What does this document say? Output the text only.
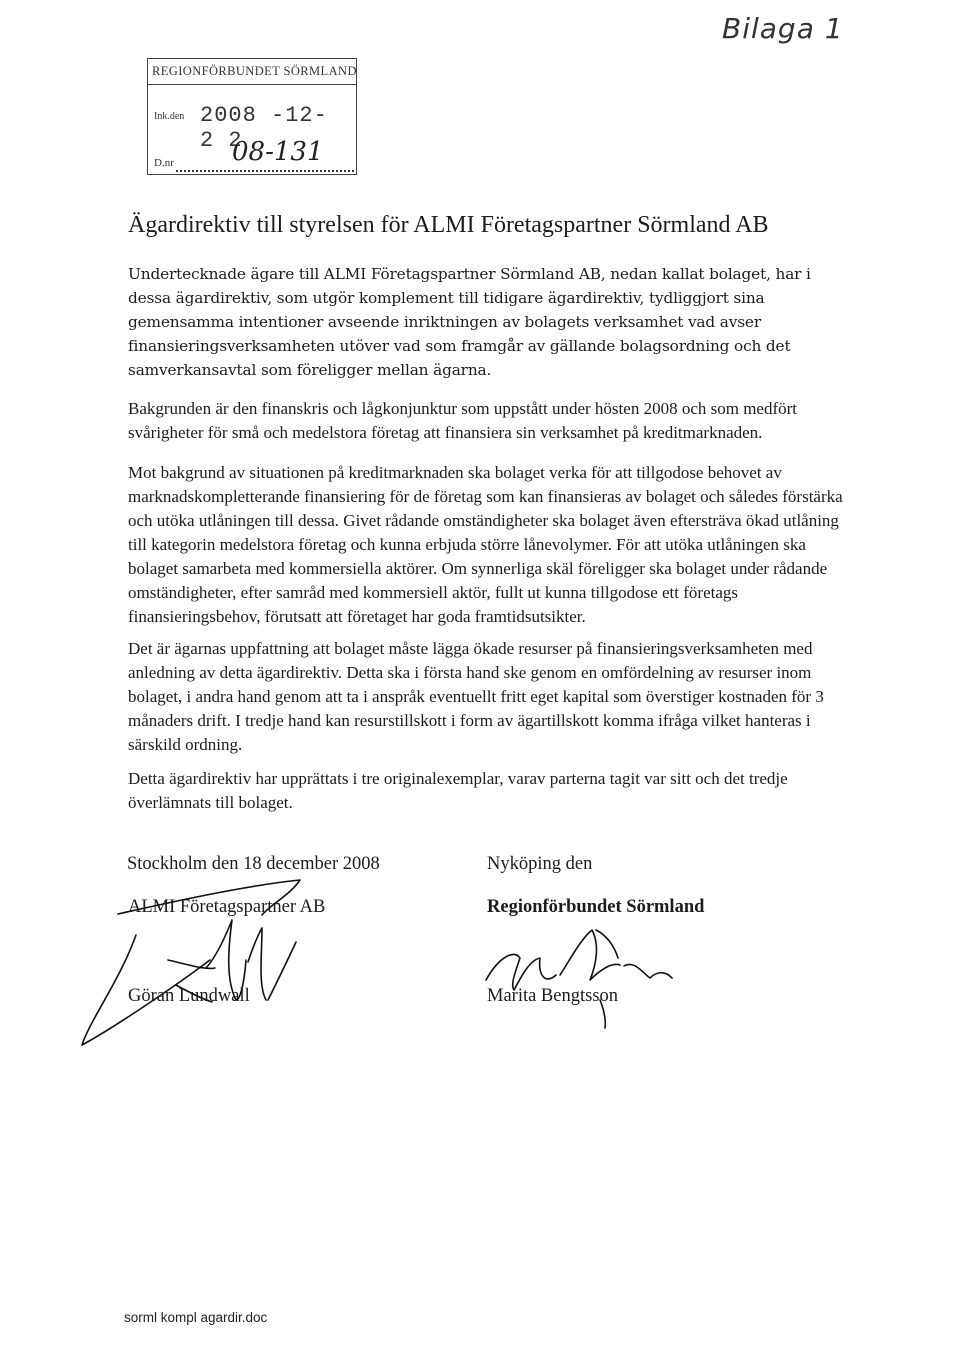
REGIONFÖRBUNDET SÖRMLAND
Ink.den 2008 -12- 2 2
08-131
D.nr
Bilaga 1
Ägardirektiv till styrelsen för ALMI Företagspartner Sörmland AB

Undertecknade ägare till ALMI Företagspartner Sörmland AB, nedan kallat bolaget, har i dessa ägardirektiv, som utgör komplement till tidigare ägardirektiv, tydliggjort sina gemensamma intentioner avseende inriktningen av bolagets verksamhet vad avser finansieringsverksamheten utöver vad som framgår av gällande bolagsordning och det samverkansavtal som föreligger mellan ägarna.

Bakgrunden är den finanskris och lågkonjunktur som uppstått under hösten 2008 och som medfört svårigheter för små och medelstora företag att finansiera sin verksamhet på kreditmarknaden.

Mot bakgrund av situationen på kreditmarknaden ska bolaget verka för att tillgodose behovet av marknadskompletterande finansiering för de företag som kan finansieras av bolaget och således förstärka och utöka utlåningen till dessa. Givet rådande omständigheter ska bolaget även eftersträva ökad utlåning till kategorin medelstora företag och kunna erbjuda större lånevolymer. För att utöka utlåningen ska bolaget samarbeta med kommersiella aktörer. Om synnerliga skäl föreligger ska bolaget under rådande omständigheter, efter samråd med kommersiell aktör, fullt ut kunna tillgodose ett företags finansieringsbehov, förutsatt att företaget har goda framtidsutsikter.

Det är ägarnas uppfattning att bolaget måste lägga ökade resurser på finansieringsverksamheten med anledning av detta ägardirektiv. Detta ska i första hand ske genom en omfördelning av resurser inom bolaget, i andra hand genom att ta i anspråk eventuellt fritt eget kapital som överstiger kostnaden för 3 månaders drift. I tredje hand kan resurstillskott i form av ägartillskott komma ifråga vilket hanteras i särskild ordning.

Detta ägardirektiv har upprättats i tre originalexemplar, varav parterna tagit var sitt och det tredje överlämnats till bolaget.

Stockholm den 18 december 2008
ALMI Företagspartner AB
Göran Lundwall
Nyköping den
Regionförbundet Sörmland
Marita Bengtsson
sorml kompl agardir.doc
